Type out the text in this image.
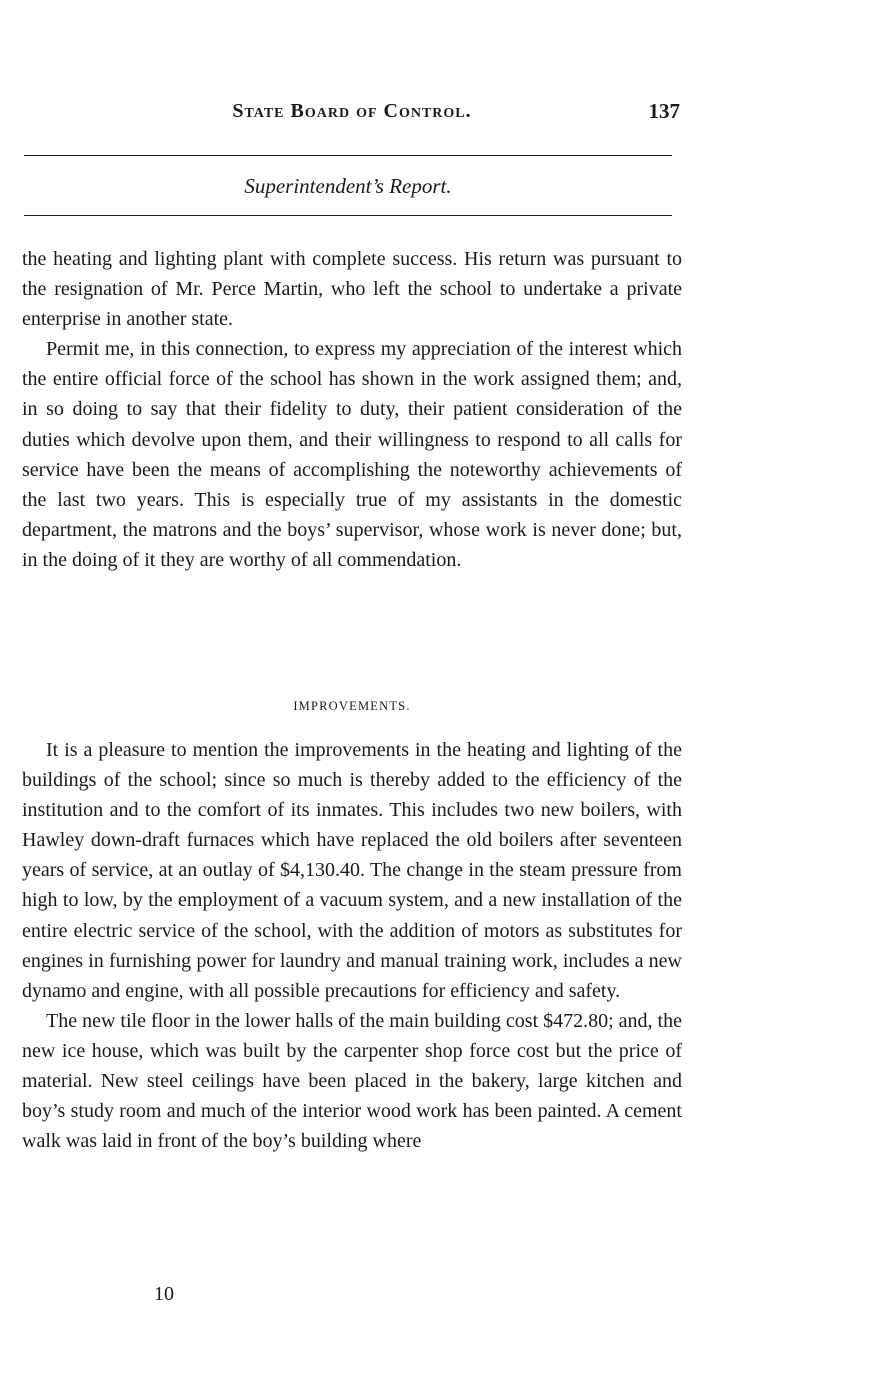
State Board of Control.	137
Superintendent’s Report.

the heating and lighting plant with complete success. His return was pursuant to the resignation of Mr. Perce Martin, who left the school to undertake a private enterprise in another state.

Permit me, in this connection, to express my appreciation of the interest which the entire official force of the school has shown in the work assigned them; and, in so doing to say that their fidelity to duty, their patient consideration of the duties which devolve upon them, and their willingness to respond to all calls for service have been the means of accomplishing the noteworthy achievements of the last two years. This is especially true of my assistants in the domestic department, the matrons and the boys’ supervisor, whose work is never done; but, in the doing of it they are worthy of all commendation.

IMPROVEMENTS.

It is a pleasure to mention the improvements in the heating and lighting of the buildings of the school; since so much is thereby added to the efficiency of the institution and to the comfort of its inmates. This includes two new boilers, with Hawley down-draft furnaces which have replaced the old boilers after seventeen years of service, at an outlay of $4,130.40. The change in the steam pressure from high to low, by the employment of a vacuum system, and a new installation of the entire electric service of the school, with the addition of motors as substitutes for engines in furnishing power for laundry and manual training work, includes a new dynamo and engine, with all possible precautions for efficiency and safety.

The new tile floor in the lower halls of the main building cost $472.80; and, the new ice house, which was built by the carpenter shop force cost but the price of material. New steel ceilings have been placed in the bakery, large kitchen and boy’s study room and much of the interior wood work has been painted. A cement walk was laid in front of the boy’s building where

10
